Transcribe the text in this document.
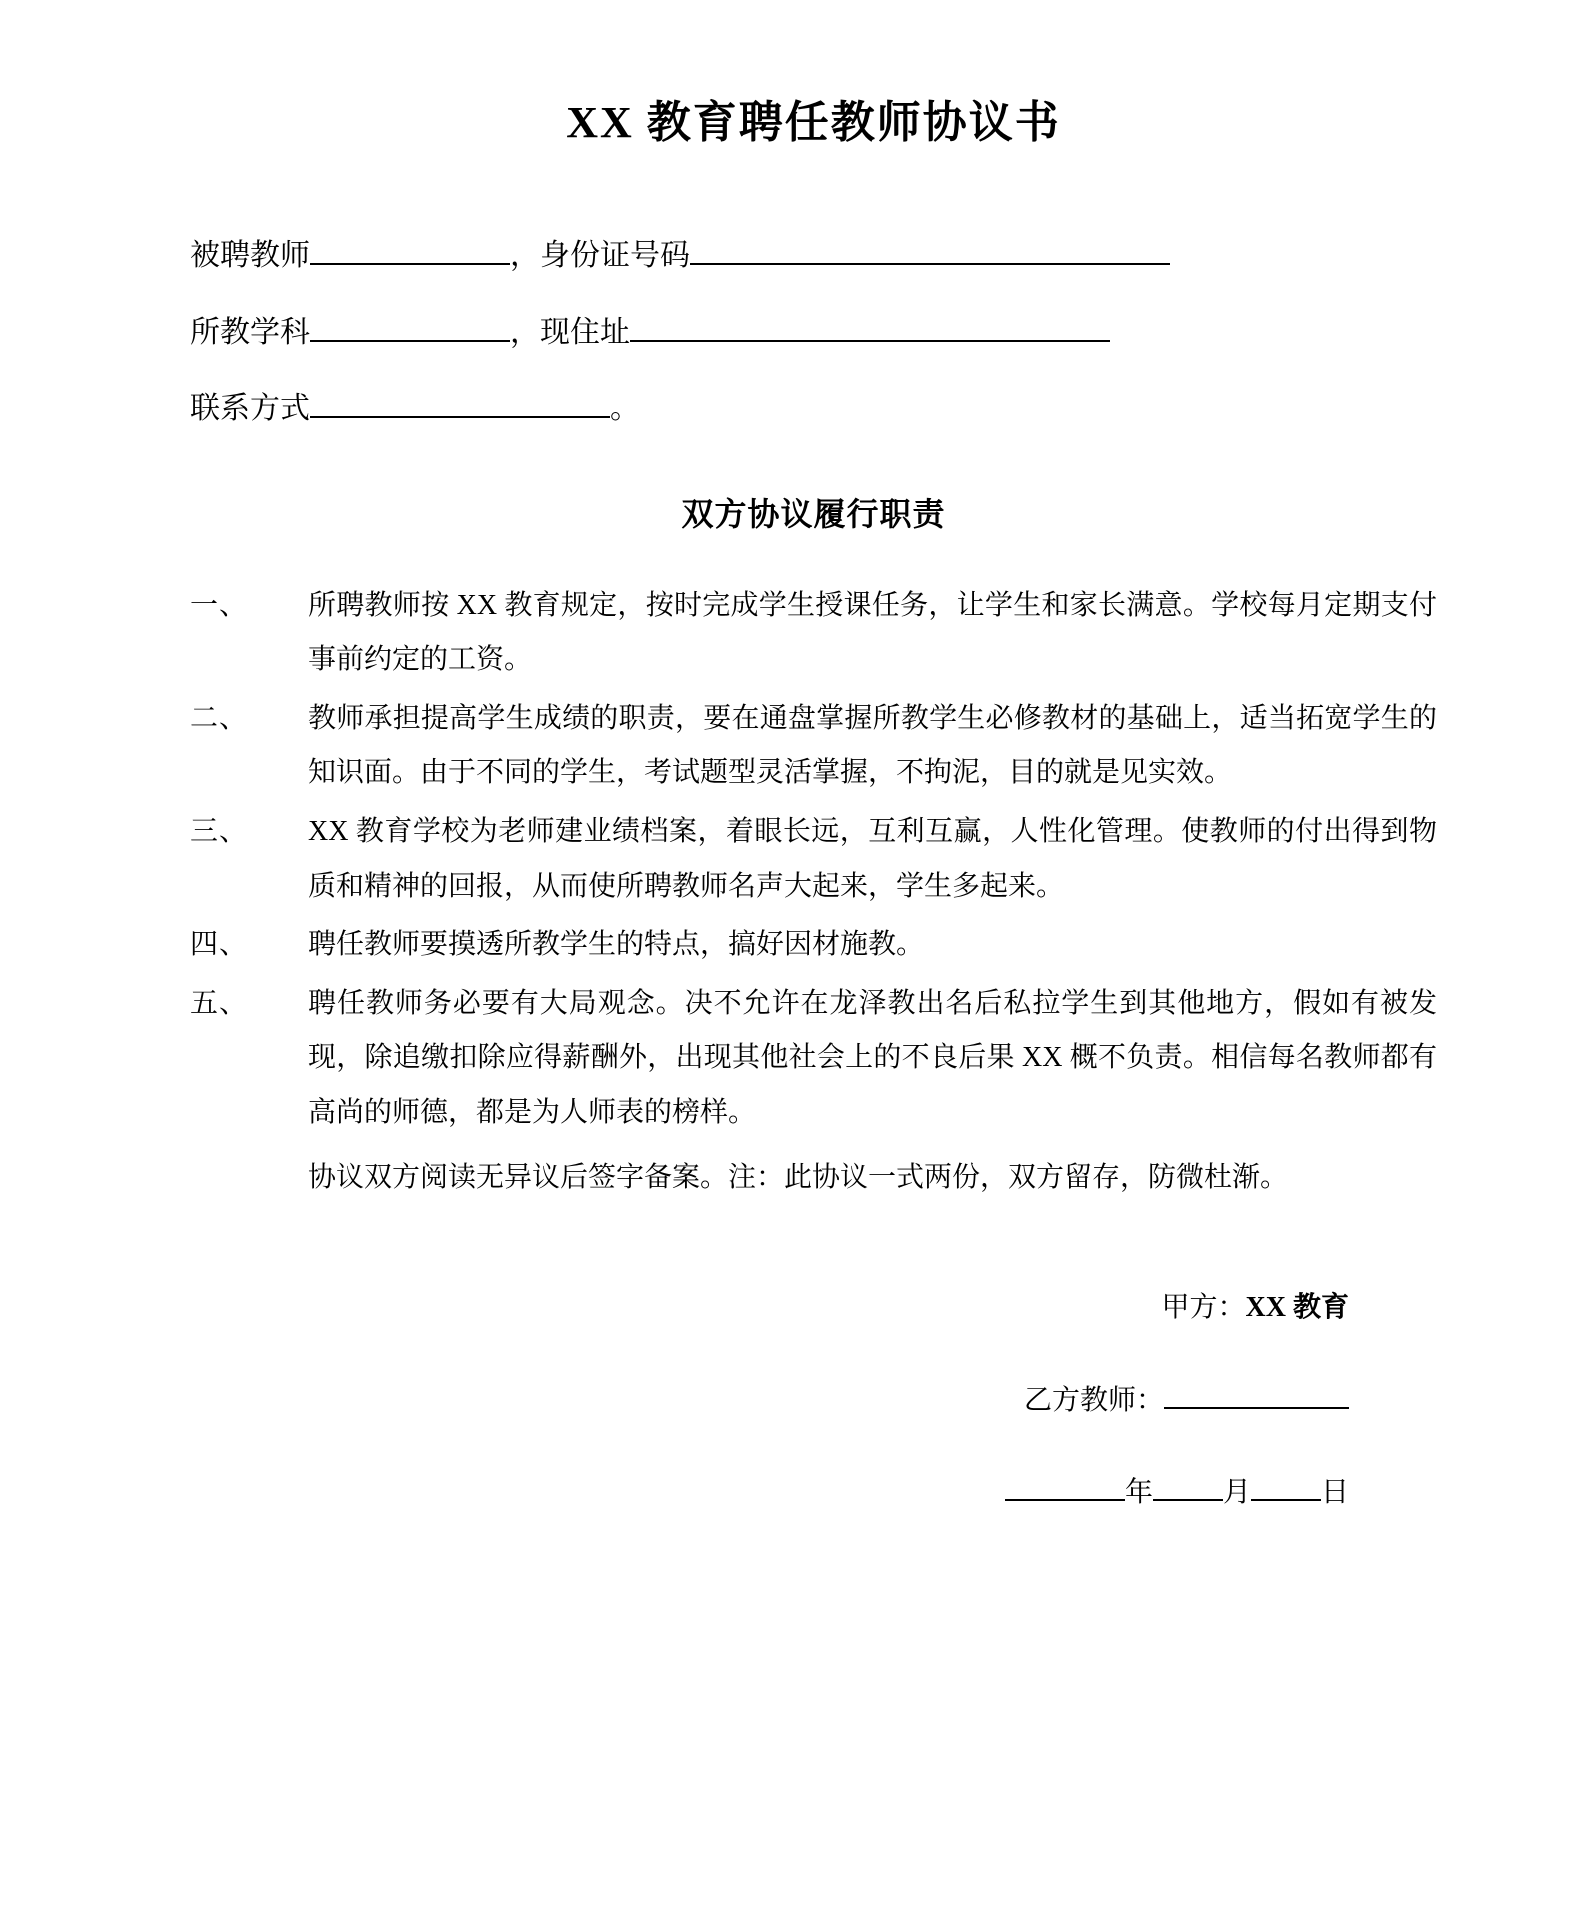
XX 教育聘任教师协议书
被聘教师	，身份证号码
所教学科	，现住址
联系方式	。
双方协议履行职责
一、	所聘教师按 XX 教育规定，按时完成学生授课任务，让学生和家长满意。学校每月定期支付事前约定的工资。
二、	教师承担提高学生成绩的职责，要在通盘掌握所教学生必修教材的基础上，适当拓宽学生的知识面。由于不同的学生，考试题型灵活掌握，不拘泥，目的就是见实效。
三、	XX 教育学校为老师建业绩档案，着眼长远，互利互赢，人性化管理。使教师的付出得到物质和精神的回报，从而使所聘教师名声大起来，学生多起来。
四、	聘任教师要摸透所教学生的特点，搞好因材施教。
五、	聘任教师务必要有大局观念。决不允许在龙泽教出名后私拉学生到其他地方，假如有被发现，除追缴扣除应得薪酬外，出现其他社会上的不良后果 XX 概不负责。相信每名教师都有高尚的师德，都是为人师表的榜样。
协议双方阅读无异议后签字备案。注：此协议一式两份，双方留存，防微杜渐。
甲方：XX 教育
乙方教师：
年	月	日
